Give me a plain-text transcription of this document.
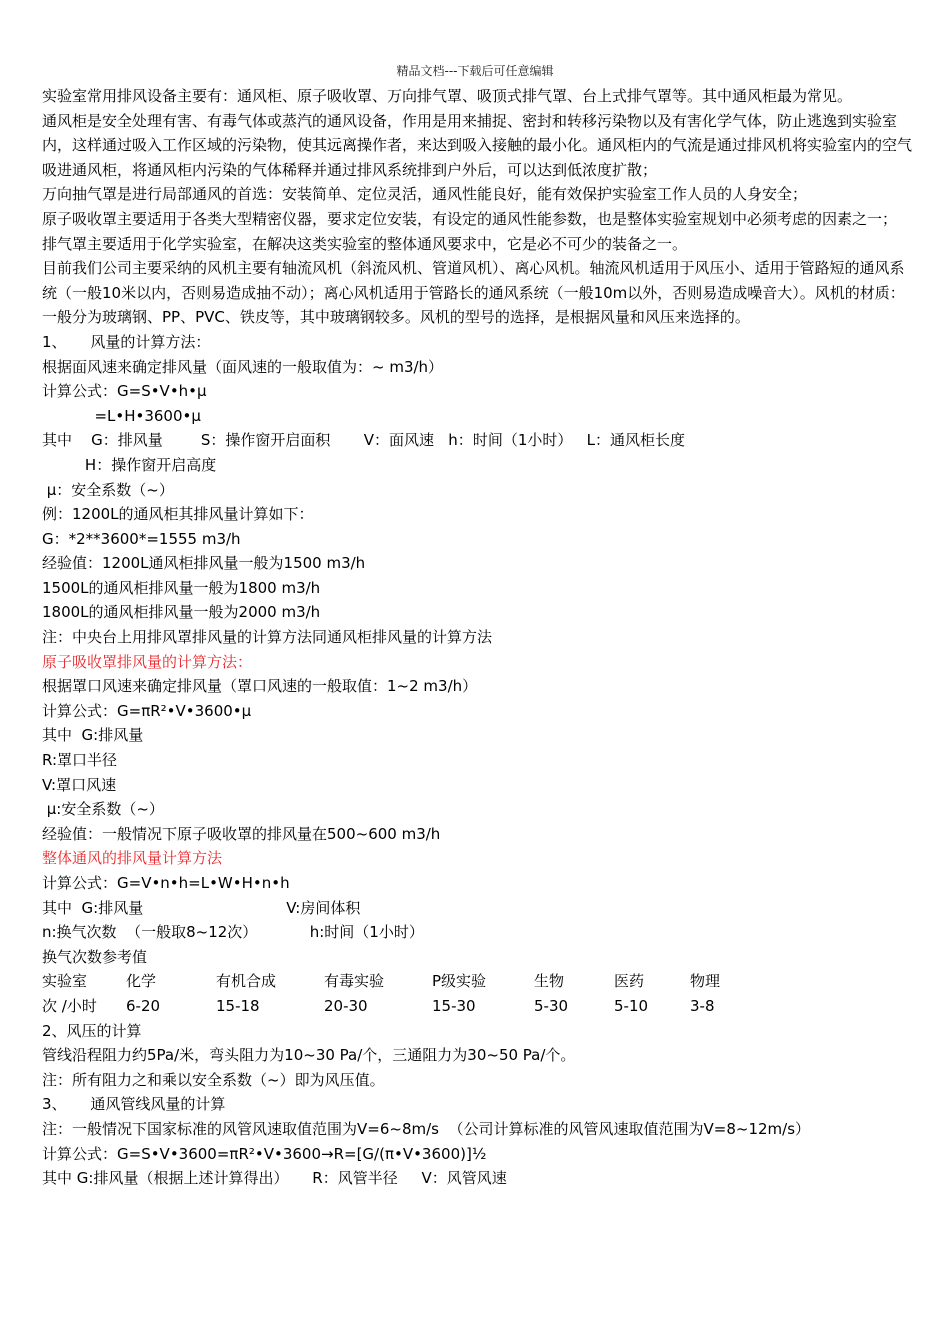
精品文档---下载后可任意编辑
实验室常用排风设备主要有：通风柜、原子吸收罩、万向排气罩、吸顶式排气罩、台上式排气罩等。其中通风柜最为常见。
通风柜是安全处理有害、有毒气体或蒸汽的通风设备，作用是用来捕捉、密封和转移污染物以及有害化学气体，防止逃逸到实验室内，这样通过吸入工作区域的污染物，使其远离操作者，来达到吸入接触的最小化。通风柜内的气流是通过排风机将实验室内的空气吸进通风柜，将通风柜内污染的气体稀释并通过排风系统排到户外后，可以达到低浓度扩散；
万向抽气罩是进行局部通风的首选：安装简单、定位灵活，通风性能良好，能有效保护实验室工作人员的人身安全；
原子吸收罩主要适用于各类大型精密仪器，要求定位安装，有设定的通风性能参数，也是整体实验室规划中必须考虑的因素之一；
排气罩主要适用于化学实验室，在解决这类实验室的整体通风要求中，它是必不可少的装备之一。
目前我们公司主要采纳的风机主要有轴流风机（斜流风机、管道风机）、离心风机。轴流风机适用于风压小、适用于管路短的通风系统（一般10米以内，否则易造成抽不动）；离心风机适用于管路长的通风系统（一般10m以外，否则易造成噪音大）。风机的材质：一般分为玻璃钢、PP、PVC、铁皮等，其中玻璃钢较多。风机的型号的选择，是根据风量和风压来选择的。
1、     风量的计算方法：
根据面风速来确定排风量（面风速的一般取值为：~ m3/h）
计算公式：G=S•V•h•μ
=L•H•3600•μ
其中    G：排风量        S：操作窗开启面积       V：面风速   h：时间（1小时）   L：通风柜长度
H：操作窗开启高度
μ：安全系数（~）
例：1200L的通风柜其排风量计算如下：
G：*2**3600*=1555 m3/h
经验值：1200L通风柜排风量一般为1500 m3/h
1500L的通风柜排风量一般为1800 m3/h
1800L的通风柜排风量一般为2000 m3/h
注：中央台上用排风罩排风量的计算方法同通风柜排风量的计算方法
原子吸收罩排风量的计算方法：
根据罩口风速来确定排风量（罩口风速的一般取值：1~2 m3/h）
计算公式：G=πR²•V•3600•μ
其中  G:排风量
R:罩口半径
V:罩口风速
μ:安全系数（~）
经验值：一般情况下原子吸收罩的排风量在500~600 m3/h
整体通风的排风量计算方法
计算公式：G=V•n•h=L•W•H•n•h
其中  G:排风量                              V:房间体积
n:换气次数  （一般取8~12次）           h:时间（1小时）
换气次数参考值
实验室	化学	有机合成	有毒实验	P级实验	生物	医药	物理
次 /小时	6-20	15-18	20-30	15-30	5-30	5-10	3-8
2、风压的计算
管线沿程阻力约5Pa/米，弯头阻力为10~30 Pa/个，三通阻力为30~50 Pa/个。
注：所有阻力之和乘以安全系数（~）即为风压值。
3、     通风管线风量的计算
注：一般情况下国家标准的风管风速取值范围为V=6~8m/s  （公司计算标准的风管风速取值范围为V=8~12m/s）
计算公式：G=S•V•3600=πR²•V•3600→R=[G/(π•V•3600)]½
其中 G:排风量（根据上述计算得出）     R：风管半径     V：风管风速
